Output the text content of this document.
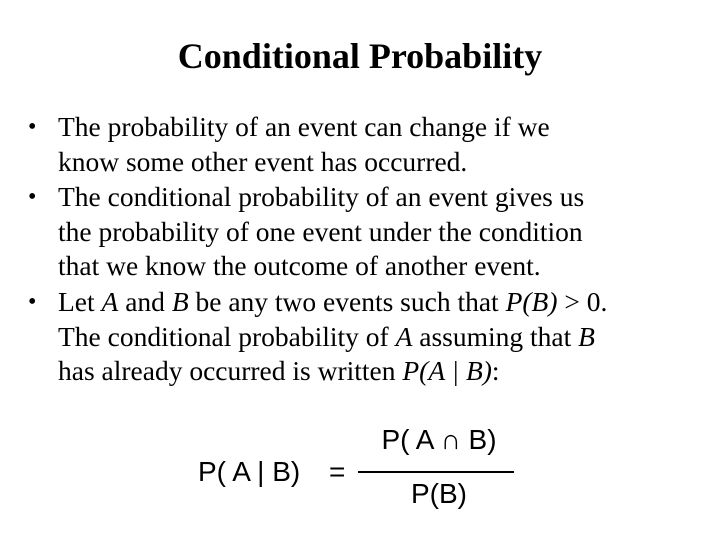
Conditional Probability
• The probability of an event can change if we
know some other event has occurred.
• The conditional probability of an event gives us
the probability of one event under the condition
that we know the outcome of another event.
• Let A and B be any two events such that P(B) > 0.
The conditional probability of A assuming that B
has already occurred is written P(A | B):
P( A | B) =
P( A ∩ B)
P(B)
